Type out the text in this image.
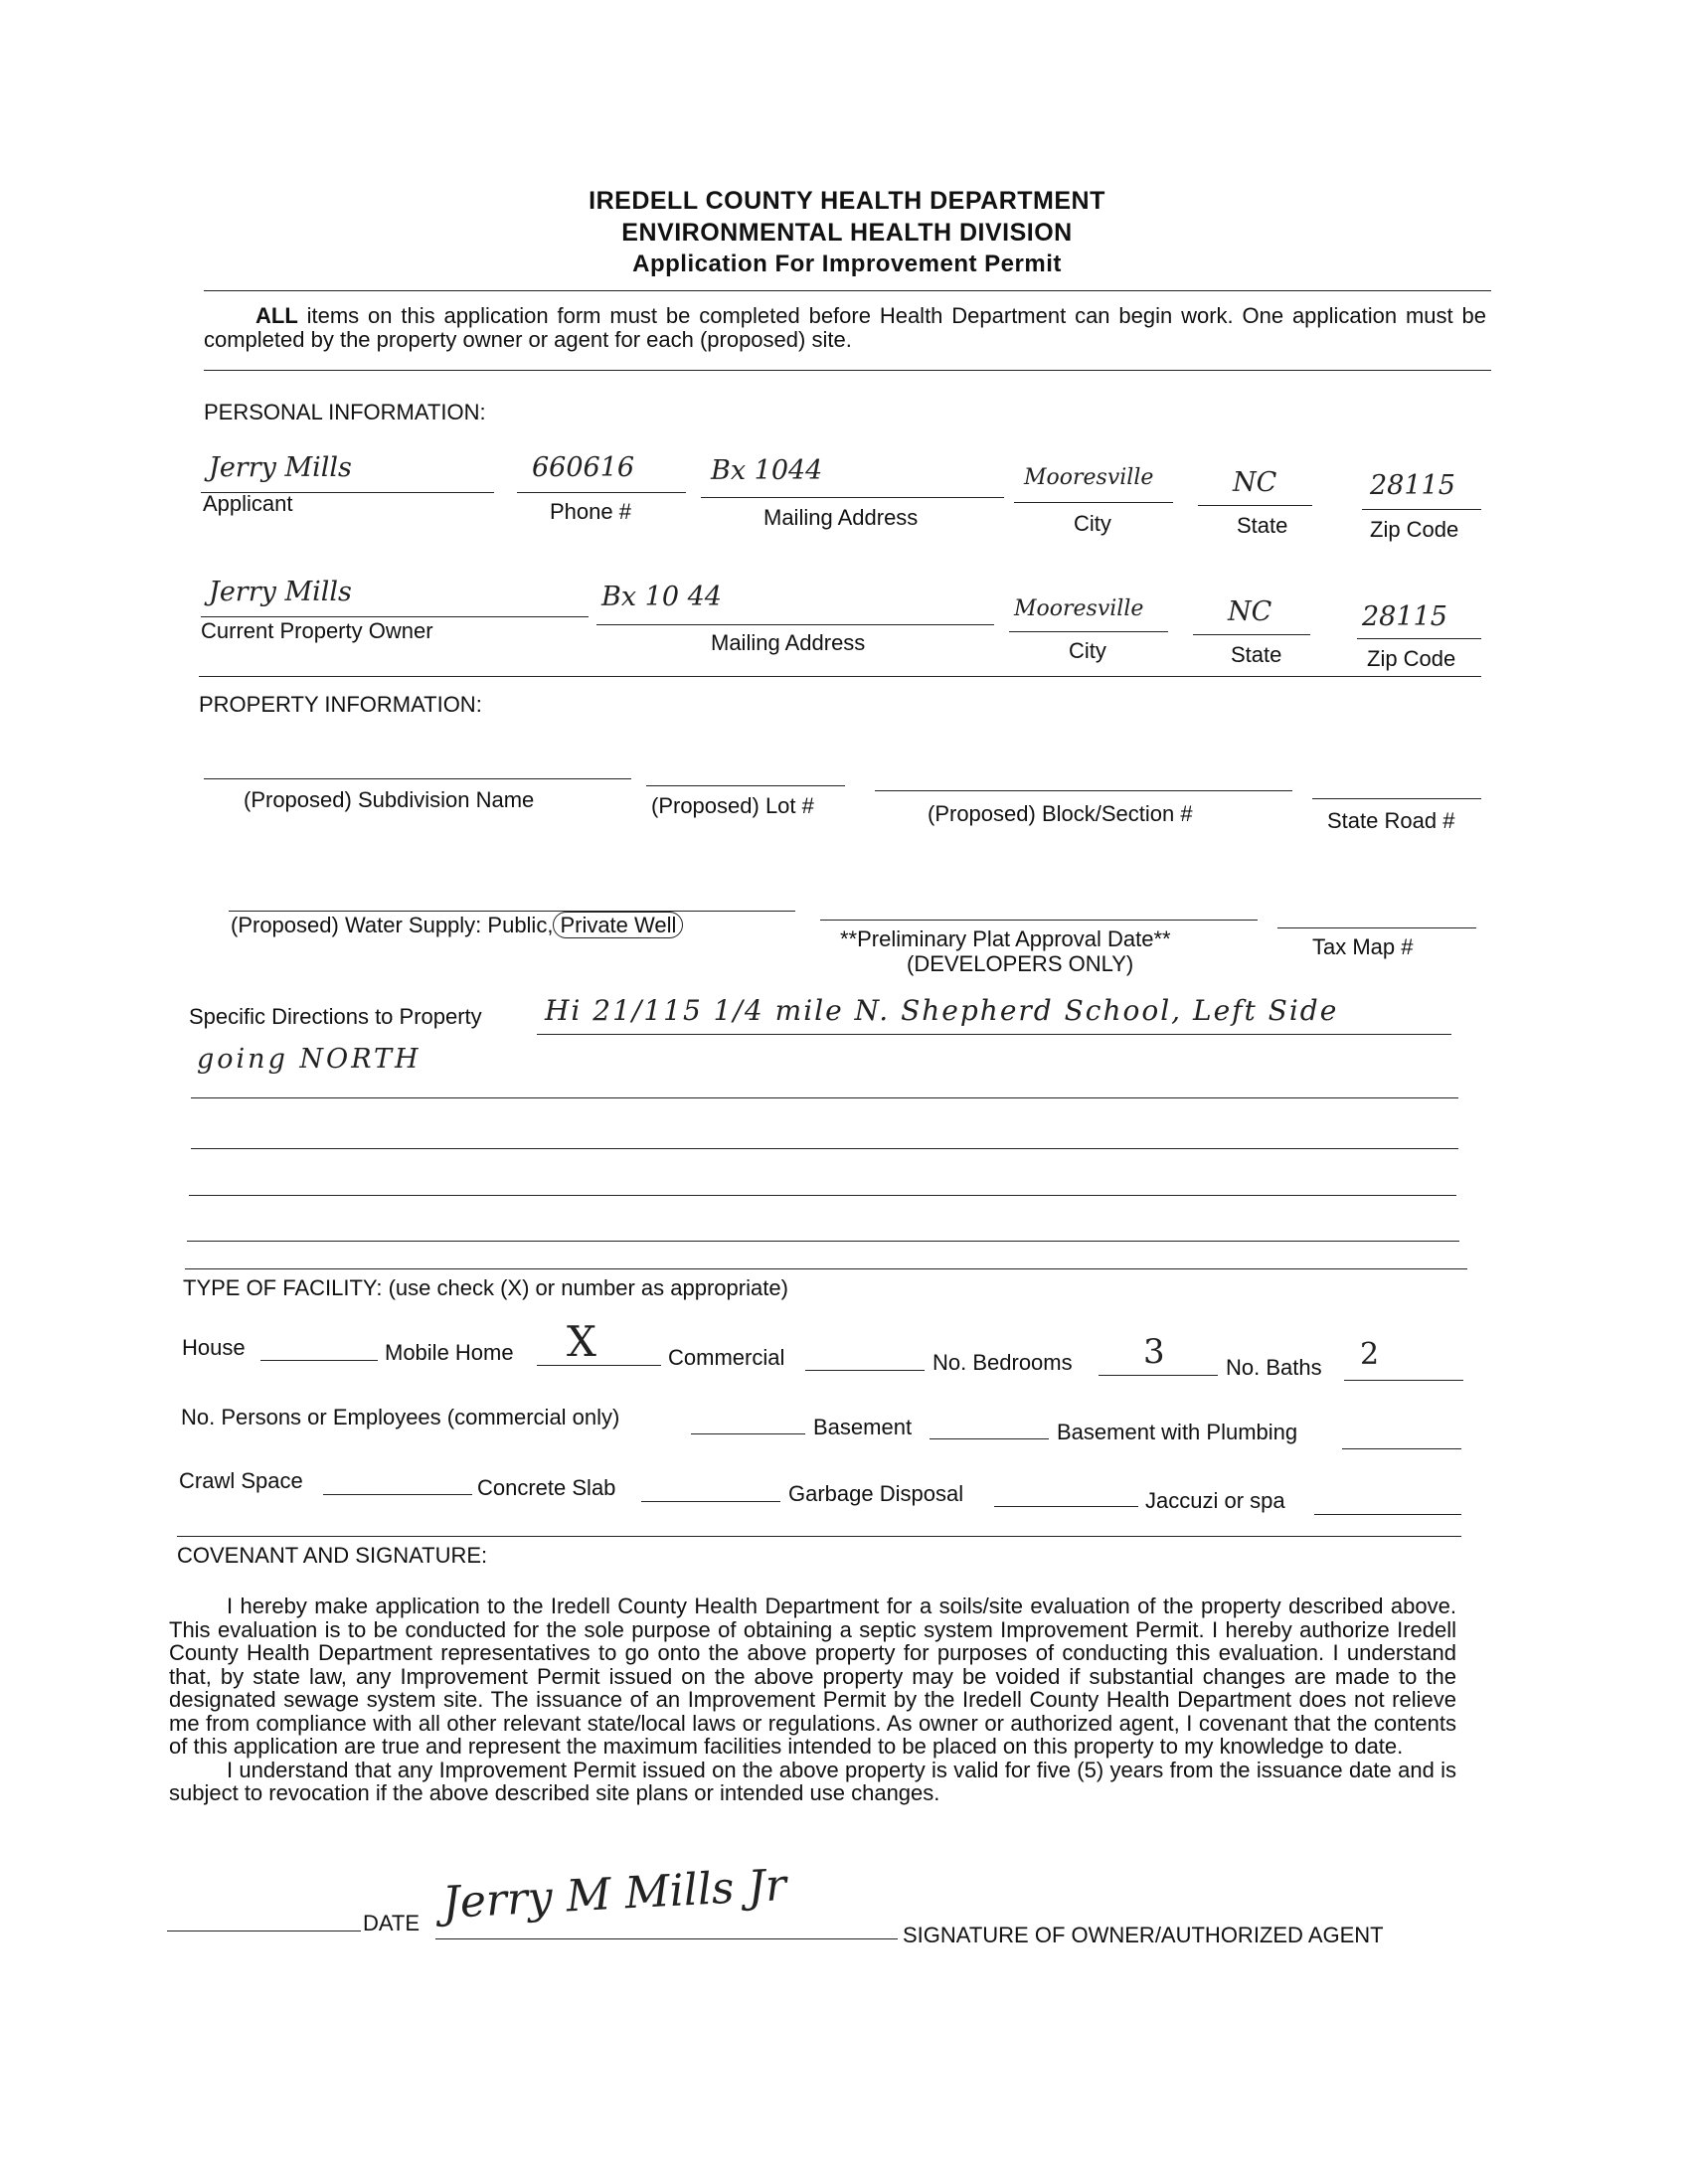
IREDELL COUNTY HEALTH DEPARTMENT
ENVIRONMENTAL HEALTH DIVISION
Application For Improvement Permit

ALL items on this application form must be completed before Health Department can begin work. One application must be completed by the property owner or agent for each (proposed) site.

PERSONAL INFORMATION:
Jerry Mills
Applicant
660616
Phone #
Bx 1044
Mailing Address
Mooresville
City
NC
State
28115
Zip Code
Jerry Mills
Current Property Owner
Bx 10 44
Mailing Address
Mooresville
City
NC
State
28115
Zip Code
PROPERTY INFORMATION:
(Proposed) Subdivision Name	(Proposed) Lot #	(Proposed) Block/Section #	State Road #
(Proposed) Water Supply: Public, Private Well
**Preliminary Plat Approval Date**
(DEVELOPERS ONLY)
Tax Map #
Specific Directions to Property Hi 21/115 1/4 mile N. Shepherd School, Left Side
going NORTH
TYPE OF FACILITY: (use check (X) or number as appropriate)
House	Mobile Home X	Commercial	No. Bedrooms 3	No. Baths 2
No. Persons or Employees (commercial only)	Basement	Basement with Plumbing
Crawl Space	Concrete Slab	Garbage Disposal	Jaccuzi or spa
COVENANT AND SIGNATURE:

I hereby make application to the Iredell County Health Department for a soils/site evaluation of the property described above. This evaluation is to be conducted for the sole purpose of obtaining a septic system Improvement Permit. I hereby authorize Iredell County Health Department representatives to go onto the above property for purposes of conducting this evaluation. I understand that, by state law, any Improvement Permit issued on the above property may be voided if substantial changes are made to the designated sewage system site. The issuance of an Improvement Permit by the Iredell County Health Department does not relieve me from compliance with all other relevant state/local laws or regulations. As owner or authorized agent, I covenant that the contents of this application are true and represent the maximum facilities intended to be placed on this property to my knowledge to date.

I understand that any Improvement Permit issued on the above property is valid for five (5) years from the issuance date and is subject to revocation if the above described site plans or intended use changes.

DATE Jerry M Mills Jr
SIGNATURE OF OWNER/AUTHORIZED AGENT
